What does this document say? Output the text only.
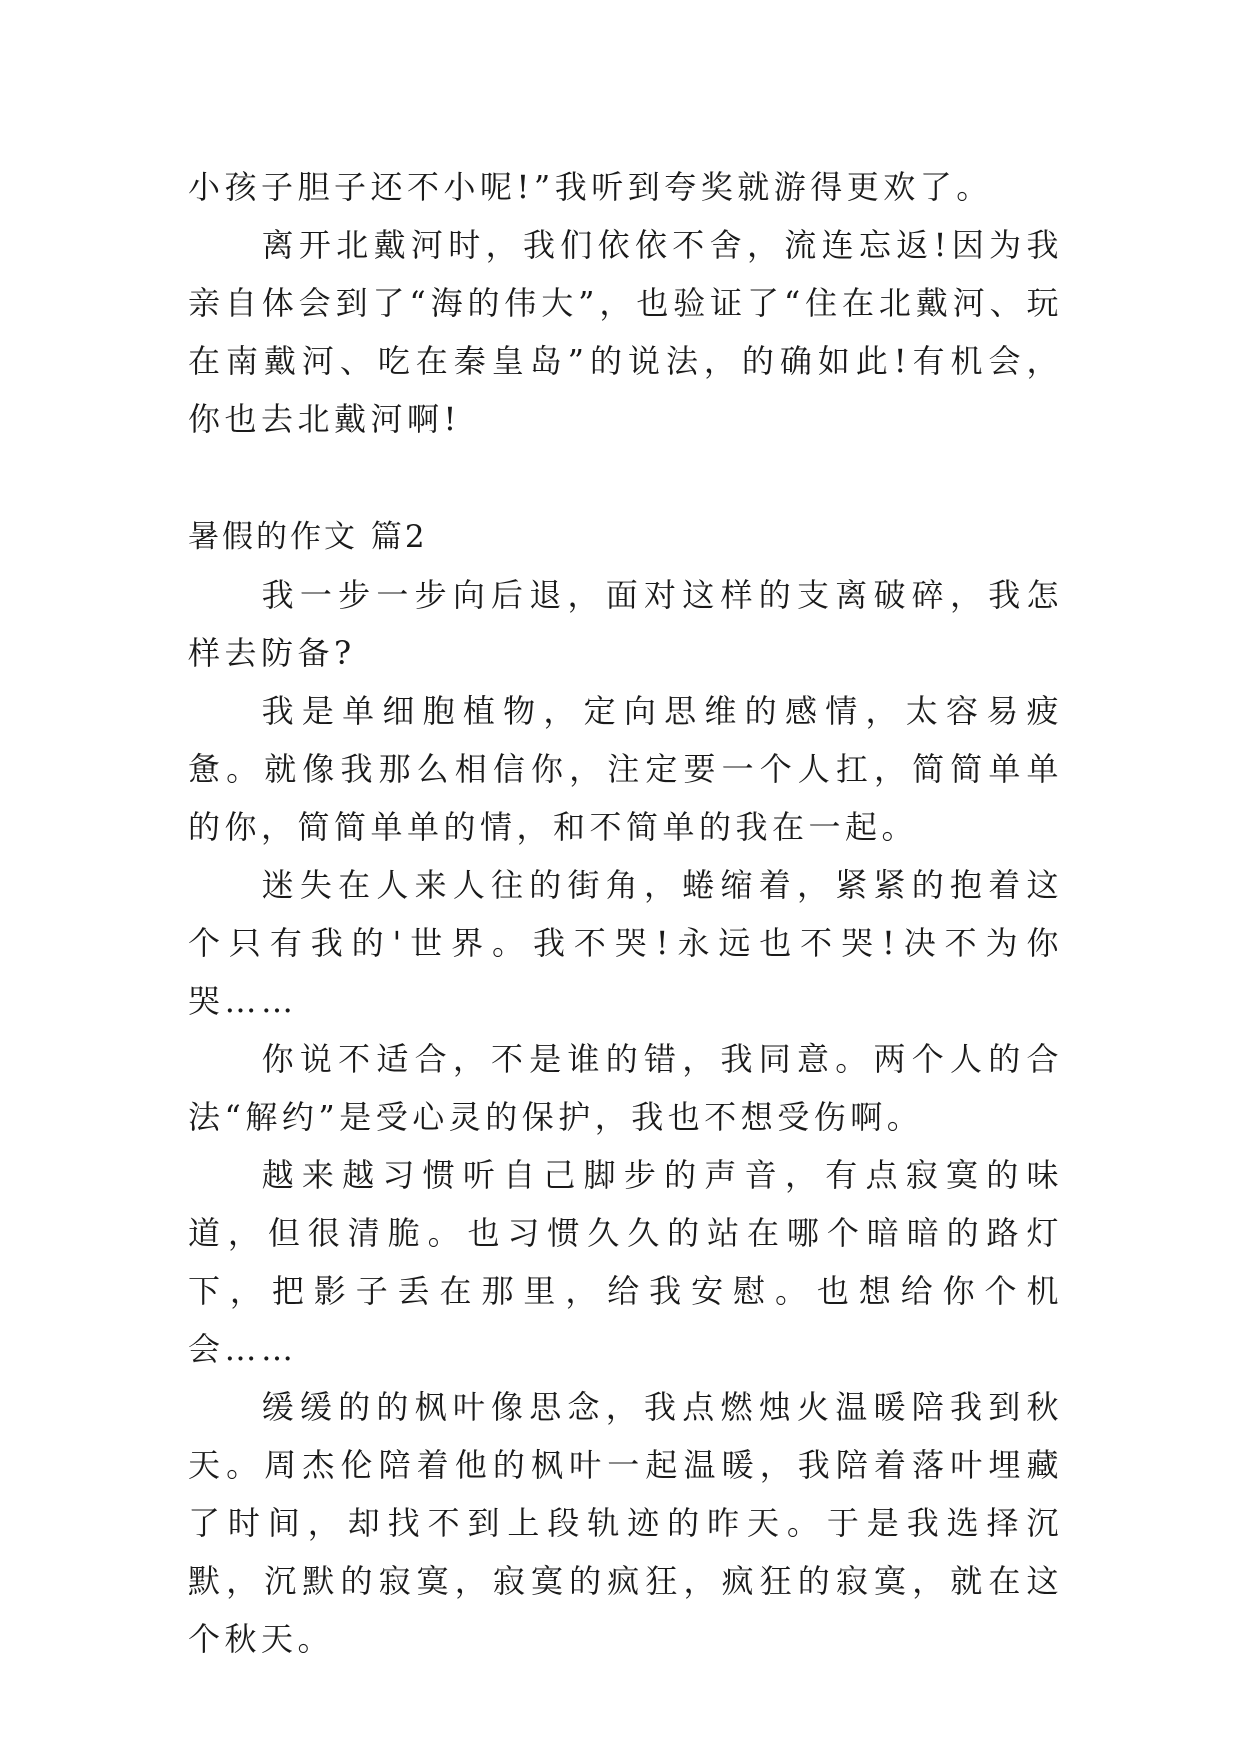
小孩子胆子还不小呢!”我听到夸奖就游得更欢了。

离开北戴河时，我们依依不舍，流连忘返!因为我亲自体会到了“海的伟大”，也验证了“住在北戴河、玩在南戴河、吃在秦皇岛”的说法，的确如此!有机会，你也去北戴河啊!

暑假的作文 篇2

我一步一步向后退，面对这样的支离破碎，我怎样去防备?

我是单细胞植物，定向思维的感情，太容易疲惫。就像我那么相信你，注定要一个人扛，简简单单的你，简简单单的情，和不简单的我在一起。

迷失在人来人往的街角，蜷缩着，紧紧的抱着这个只有我的'世界。我不哭!永远也不哭!决不为你哭……

你说不适合，不是谁的错，我同意。两个人的合法“解约”是受心灵的保护，我也不想受伤啊。

越来越习惯听自己脚步的声音，有点寂寞的味道，但很清脆。也习惯久久的站在哪个暗暗的路灯下，把影子丢在那里，给我安慰。也想给你个机会……

缓缓的的枫叶像思念，我点燃烛火温暖陪我到秋天。周杰伦陪着他的枫叶一起温暖，我陪着落叶埋藏了时间，却找不到上段轨迹的昨天。于是我选择沉默，沉默的寂寞，寂寞的疯狂，疯狂的寂寞，就在这个秋天。
